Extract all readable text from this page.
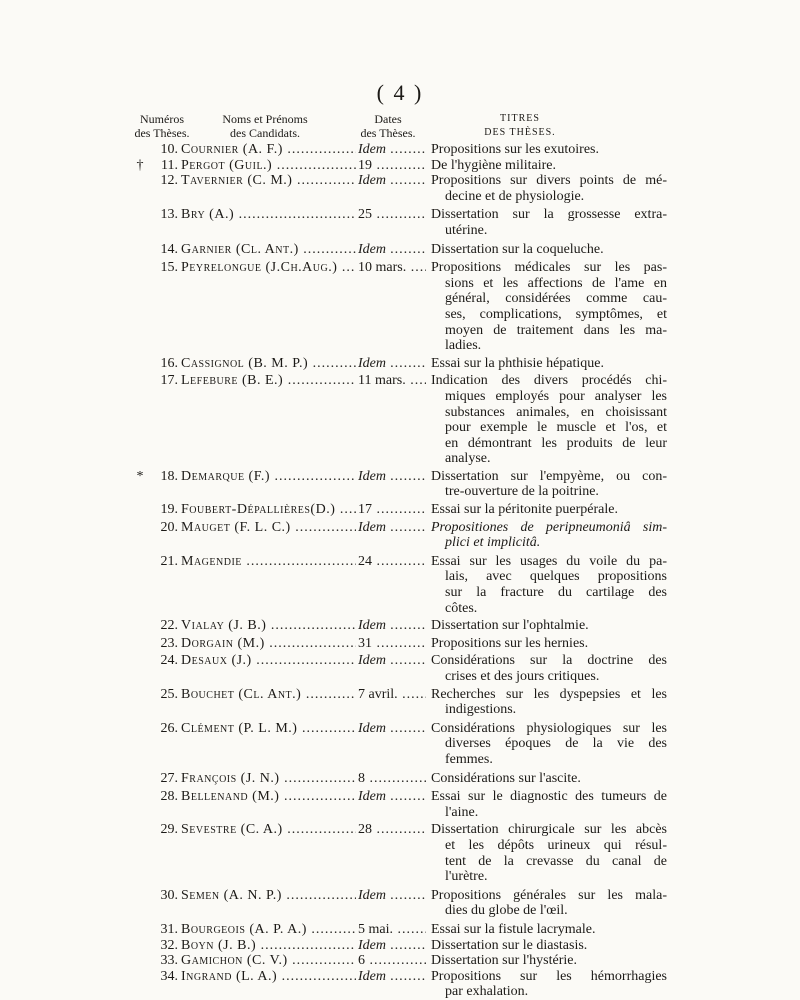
( 4 )
Numéros
des Thèses.
Noms et Prénoms
des Candidats.
Dates
des Thèses.
TITRES
DES THÈSES.
10. Cournier (A. F.) .....	Idem .....	Propositions sur les exutoires.
†	11. Pergot (Guil.) .....	19 .....	De l'hygiène militaire.
12. Tavernier (C. M.) .....	Idem .....	Propositions sur divers points de mé-
decine et de physiologie.
13. Bry (A.) .....	25 .....	Dissertation sur la grossesse extra-
utérine.
14. Garnier (Cl. Ant.) .....	Idem .....	Dissertation sur la coqueluche.
15. Peyrelongue (J.Ch.Aug.) .....	10 mars. .....	Propositions médicales sur les pas-
sions et les affections de l'ame en
général, considérées comme cau-
ses, complications, symptômes, et
moyen de traitement dans les ma-
ladies.
16. Cassignol (B. M. P.) .....	Idem .....	Essai sur la phthisie hépatique.
17. Lefebure (B. E.) .....	11 mars. .....	Indication des divers procédés chi-
miques employés pour analyser les
substances animales, en choisissant
pour exemple le muscle et l'os, et
en démontrant les produits de leur
analyse.
*	18. Demarque (F.) .....	Idem .....	Dissertation sur l'empyème, ou con-
tre-ouverture de la poitrine.
19. Foubert-Dépallières(D.) .....	17 .....	Essai sur la péritonite puerpérale.
20. Mauget (F. L. C.) .....	Idem .....	Propositiones de peripneumoniâ sim-
plici et implicitâ.
21. Magendie .....	24 .....	Essai sur les usages du voile du pa-
lais, avec quelques propositions
sur la fracture du cartilage des
côtes.
22. Vialay (J. B.) .....	Idem .....	Dissertation sur l'ophtalmie.
23. Dorgain (M.) .....	31 .....	Propositions sur les hernies.
24. Desaux (J.) .....	Idem .....	Considérations sur la doctrine des
crises et des jours critiques.
25. Bouchet (Cl. Ant.) .....	7 avril. .....	Recherches sur les dyspepsies et les
indigestions.
26. Clément (P. L. M.) .....	Idem .....	Considérations physiologiques sur les
diverses époques de la vie des
femmes.
27. François (J. N.) .....	8 .....	Considérations sur l'ascite.
28. Bellenand (M.) .....	Idem .....	Essai sur le diagnostic des tumeurs de
l'aine.
29. Sevestre (C. A.) .....	28 .....	Dissertation chirurgicale sur les abcès
et les dépôts urineux qui résul-
tent de la crevasse du canal de
l'urètre.
30. Semen (A. N. P.) .....	Idem .....	Propositions générales sur les mala-
dies du globe de l'œil.
31. Bourgeois (A. P. A.) .....	5 mai. .....	Essai sur la fistule lacrymale.
32. Boyn (J. B.) .....	Idem .....	Dissertation sur le diastasis.
33. Gamichon (C. V.) .....	6 .....	Dissertation sur l'hystérie.
34. Ingrand (L. A.) .....	Idem .....	Propositions sur les hémorrhagies
par exhalation.
